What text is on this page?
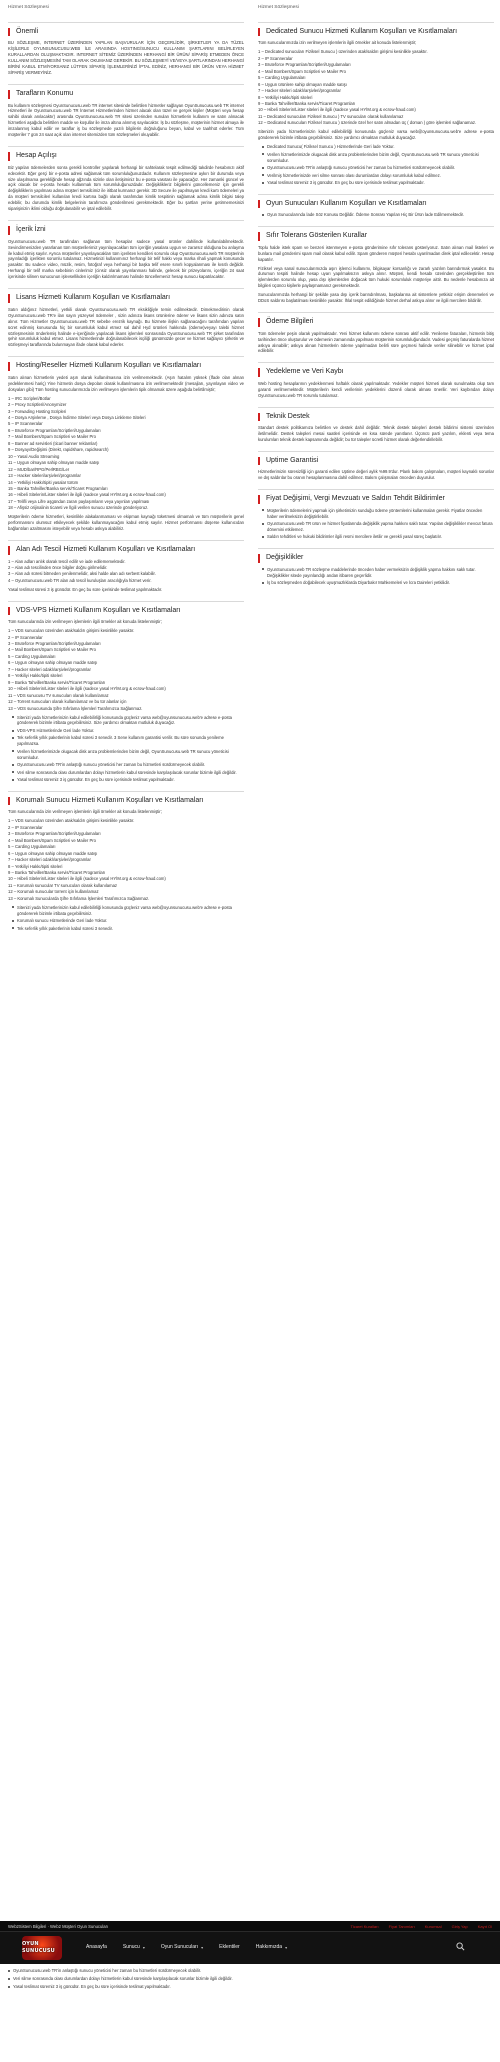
Hizmet Sözleşmesi	Hizmet Sözleşmesi
Önemli

BU SÖZLEŞME, INTERNET ÜZERİNDEN YAPILAN BAŞVURULAR İÇİN GEÇERLİDİR, ŞİRKETLER YA DA TÜZEL KİŞİLERLE OYUNSUNUCUSU.WEB İLE ARASINDA HOSTING/SUNUCU KULLANIM ŞARTLARINI BELİRLEYEN KURALLARDAN OLUŞMAKTADIR. INTERNET SİTEMİZ ÜZERİNDEN HERHANGİ BİR ÜRÜN/ SİPARİŞ ETMEDEN ÖNCE KULLANIM SÖZLEŞMESİNİ TAM OLARAK OKUMANIZ GEREKİR. BU SÖZLEŞMEYİ VE/VEYA ŞARTLARINDAN HERHANGİ BİRİNİ KABUL ETMİYORSANIZ LÜTFEN SİPARİŞ İŞLEMLERİNİZİ İPTAL EDİNİZ, HERHANGİ BİR ÜRÜN VEYA HİZMET SİPARİŞ VERMEYİNİZ.

Tarafların Konumu

Bu kullanım sözleşmesi OyunSunucusu.web TR internet sitesinde belirtilen hizmetler sağlayan OyunSunucusu.web TR internet Hizmetleri ile OyunSunucusu.web TR İnternet Hizmetlerinden hizmet alacak olan tüzel ve gerçek kişiler (Müşteri veya hesap sahibi olarak anılacaktır) arasında OyunSunucusu.web TR sitesi üzerinden sunulan hizmetlerin kullanım ve satın alınacak hizmetleri aşağıda belirtilen madde ve koşullar ile imza altına alınmış sayılacaktır. İş bu sözleşme, müşterinin hizmet almaya ile imzalanmış kabul edilir ve taraflar iş bu sözleşmede yazılı bilgilerin doğruluğunu beyan, kabul ve taahhüt ederler. Tüm müşteriler 7 gün 24 saat açık olan internet sitemizden tüm sözleşmeleri okuyabilir.

Hesap Açılışı

Biz yapılan ödemelerden sonra gerekli kontroller yapılarak herhangi bir sahtelarak tespit edilmediği takdirde hesabınızı aktif edecektir. Eğer gerçi bir e-posta adresi sağlamak tüm sorumluluğunuzdadır. Kullanım sözleşmesine aykırı bir durumda veya size ulaşılmama gerekliğinde hesap ağzında sizinle olan iletişiminiz bu e-posta vasıtası ile yapacağız. Her zamanki güncel ve açık olacak bir e-posta hesabı kullanmak tüm sorumluluğunuzdadır. Değişiklikleriz bilgilerini güncellemeniz için gerekli değişikliklerin yapılması adına müşteri temsilcimiz ile iritbat kurmanız gerekir. 3D Secure ile yapılmayan kredi kartı ödemeleri ya da müşteri temsilcileri kullanılan kredi kartına bağlı olarak tarafımdan kimlik tespitinin sağlamak adına kimlik bilgisi talep edebilir, bu durumda kimlik belgelerinin tarafımıza gönderilmesi gerekmektedir. Eğer bu şartları yerine getirmemesinizi siparişinizin iklimi olduğu doğrulanabilir ve iptal edilebilir.

İçerik İzni

OyunSunucusu.web TR tarafından sağlanan tüm hesaplar sadece yasal ürünler dahilinde kullanılabilmektedir. Sevindirmenizden yararlanan tüm müşterilerimiz yayınlayacakları tüm içeriğin yasalara uygun ve zararsız olduğuna bu anlayma ile kabul etmiş sayılır. Ayrıca müşteriler yayınlayacakları tüm içerikten kendileri sorumlu olup OyunSunucusu.web TR müşterinin yayınladığı içerikten sorumlu tutulamaz. Hizmetinizi kullanımınız herhangi bir telif hakkı veya marka rihali yapmak konusunda yasaktır. Bu sadece video, müzik, resim, fotoğraf veya herhangi bir başka telif esere sınırlı kopyalanması ile kısıtlı değildir. Herhangi bir telif marka sebebinin cinlerimiz (cinsiz olarak yayınlanması halinde, gelecek bir prizeyolarını, içeriğin 24 saat içerisinde silinen sunucunun işlevsellikden içeriğin kaldırılmaması halinde tüncellemeniz hesap sunucu kapatılacaktır.

Lisans Hizmeti Kullanım Koşulları ve Kısıtlamaları

Satın aldığınız hizmetleri, yetkili olarak OyunSunucusu.web TR eksikliğiyle temin edilmektedir. Dimekmedirinin olarak OyunSunucusu.web TR'e ilan sayın yüzeysel ödemeler , sizin adınıza lisans ürünlerine öderer ve lisans sizin adınıza satın alınır. Tüm Hizmetler OyunSunucusu.web TR sebebe erezrik kaynağı. Bu hizmete ilişkin sağlanacağını tarafımdan yapılan ücret edinmiş konusunda hiç bir sorumluluk kabul etmez sal dahil Hyd ürünleri hakkında (ödeme)veyayı talebi hizmet sözleşmesinin önderlemiş halinde e-içeriğinde yapılacak lisans işlemleri sonrasında OyunSunucusu.web TR şirket tarafından şehir sorumluluk kabul etmez. Lisans hizmetlerinde doğrulanabilecek isçiliği günümüzde gecer ve hizmet sağlayıcı şirketin ve sözleşmeyi taraflarında bulunmayan ifade olarak kabul ederler.

Hosting/Reseller Hizmeti Kullanım Koşulları ve Kısıtlamaları

Satın alınan hizmetlerin yedeti aşırı olarak kullanılmasına izin verilmemektedir. (Aşırı hatalım yüksek (İfade olan alınan yedeklenmesi hariç) Yine hizmetin dosya depoları olarak kullanılmasına izin verilmemektedir (mesajları, yayınlayan video ve dosyaları gibi) Tüm hosting sunucularımızda izin verilmeyen işlemlerin tipik olmamak üzere aşağıda belirtilmiştir;

1 – IRC Scripleri/Botlar
2 – Proxy Scriptleri/Anonymizer
3 – Forwading Hosting Scripleri
4 – Dosya Arşivleme , Dosya İndirme Siteleri veya Dosya Linkleme Siteleri
5 – IP Scanneralar
6 – Bruteforce Programları/Scriptleri/Uygulamaları
7 – Mail Bombers/Spam Scriptleri ve Mailer Pro
8 – Banner ad servisleri (ticari banner reklamlar)
9 – Dosyayı/Değişimi (Direkt, rapidshare, rapidsearch)
10 – Yasal Audio Streaming
11 – Uygun olmayan sahip olmayan madde satışı
12 – MUD/bar/RPG/PerlRBG/Ler
13 – Hacker siteleri/arşivleri/programlar
14 – Yetkiliyi Hakkı/tipiti yasalar türüm
15 – Banka Tahviller/Banka servis/Ticaret Programları
16 – Hibeli Sitelerin/Lister siteleri ile ilgili (sadece yasal HYİM.org & ecrow-fraud.com)
17 – Telifli veya Lifre aşgündan zararı paylaşımların veya yayınları yapılması
18 – Afişsiz orijinalinin ticareti ve İlgili verilen sunucu üzerinde gönderiyoruz.

Müşterilerin ödeme hizmetleri, kesinlikle alakalanmaması ve ekipman kaynağı tüketmesi olmamalı ve tüm müşterilerin genel performansını olumsuz etkileyecek şekilde kullanmayacağını kabul etmiş sayılır. Hizmet performansı düşerse kullanıcıdan bağlantıları azaltmasını isteyebilir veya hesabı askıya alabiliriz.

Alan Adı Tescil Hizmeti Kullanım Koşulları ve Kısıtlamaları
1 – Alan adları anlık olarak tescil edilir ve iade edilememektedir.
2 – Alan adı tescilinden önce bilgiler doğru girilmelidir.
3 – Alan adı süresi bitmeden yenilenmelidir, aksi halde alan adı serbest kalabilir.
4 – OyunSunucusu.web TR alan adı tescil kuruluşları aracılığıyla hizmet verir.

Yasal teslimat süresi 3 iş günüdür. En geç bu süre içerisinde teslimat yapılmaktadır.

VDS-VPS Hizmeti Kullanım Koşulları ve Kısıtlamaları

Tüm sunucularında izin verilmeyen işlemlerin ilgili örnekler ait konuda listelenmiştir;

1 – VDS sunucuları üzerinden atak/saldırı girişimi kesinlikle yasaktır.
2 – IP Scanneralar
3 – Bruteforce Programları/Scriptleri/Uygulamaları
4 – Mail Bombers/Spam Scriptleri ve Mailer Pro
5 – Carding Uygulamaları
6 – Uygun olmayan sahip olmayan madde satışı
7 – Hacker siteleri odaklı/arşivleri/programlar
8 – Yetkiliyi Hakkı/tipiti siteleri
9 – Banka Tahviller/Banka servis/Ticaret Programları
10 – Hibeli Sitelerin/Lister siteleri ile ilgili (sadece yasal HYİM.org & ecrow-fraud.com)
11 – VDS sunucusu TV sunucuları olarak kullanılamaz
12 – Torrent sunucuları olarak kullanılamaz ve bu tür alanlar için
13 – VDS sunucusunda Şifre Sıfırlama İşlemleri Tarafımızca Sağlanmaz.
Sitenizi yada hizmetlerinizin kabul edilebilirliği konusunda güçleniz varsa web@oyunsunucusu.web'e adrese e-posta göndererek bizimle irtibata geçebilirsiniz. Size yardımcı olmaktan mutluluk duyacağız.
VDS-VPS Hizmetlerinde Geri İade Yoktur.
Tek seferlik yıllık paketlerinin kabul süresi 3 senedir. 3 Sene kullanım garantisi verilir. Bu süre sonunda yenileme yapılmazsa.
Verilen hizmetlerimizde olugacak disk arıza problemlerinden bizim değil, OyunSunucusu.web TR sunucu yöneticisi sorumludur.
OyunSunucusu.web TR'in anlaştığı sunucu yöneticisi her zaman bu hizmetleri sürdürmeyecek olabilir.
Veri silme sonrasında olası durumlardan dolayı hizmetlerin kabul süresinde karşılaşılacak sorunlar bizimle ilgili değildir.
Yasal teslimat süremiz 3 iş günüdür. En geç bu süre içerisinde teslimat yapılmaktadır.
Korumalı Sunucu Hizmeti Kullanım Koşulları ve Kısıtlamaları

Tüm sunucularında izin verilmeyen işlemlerin ilgili örnekler ait konuda listelenmiştir;

1 – VDS sunucuları üzerinden atak/saldırı girişimi kesinlikle yasaktır.
2 – IP Scanneralar
3 – Bruteforce Programları/Scriptleri/Uygulamaları
4 – Mail Bombers/Spam Scriptleri ve Mailer Pro
5 – Carding Uygulamaları
6 – Uygun olmayan sahip olmayan madde satışı
7 – Hacker siteleri odaklı/arşivleri/programlar
8 – Yetkiliyi Hakkı/tipiti siteleri
9 – Banka Tahviller/Banka servis/Ticaret Programları
10 – Hibeli Sitelerin/Lister siteleri ile ilgili (sadece yasal HYİM.org & ecrow-fraud.com)
11 – Korumalı sunucular TV sunucuları olarak kullanılamaz
12 – Korumalı sunucular torrent için kullanılamaz
13 – Korumalı Sunucularda Şifre Sıfırlama İşlemleri Tarafımızca Sağlanmaz.
Sitenizi yada hizmetlerinizin kabul edilebilirliği konusunda güçleniz varsa web@oyunsunucusu.web'e adrese e-posta göndererek bizimle irtibata geçebilirsiniz.
Korumalı sunucu Hizmetlerinde Geri İade Yoktur.
Tek seferlik yıllık paketlerinin kabul süresi 3 senedir.
Dedicated Sunucu Hizmeti Kullanım Koşulları ve Kısıtlamaları

Tüm sunucularımızda izin verilmeyen işlemlerin ilgili örnekler ait konuda listelenmiştir;

1 – Dedicated sunucuları Fiziksel Sunucu ) üzerinden atak/saldırı girişimi kesinlikle yasaktır.
2 – IP Scanneralar
3 – Bruteforce Programları/Scriptleri/Uygulamaları
4 – Mail Bombers/Spam Scriptleri ve Mailer Pro
5 – Carding Uygulamaları
6 – Uygun ürünlere sahip olmayan madde satışı
7 – Hacker siteleri odaklı/arşivleri/programlar
8 – Yetkiliyi Hakkı/tipiti siteleri
9 – Banka Tahviller/Banka servis/Ticaret Programları
10 – Hibeli Sitelerin/Lister siteleri ile ilgili (sadece yasal HYİM.org & ecrow-fraud.com)
11 – Dedicated sunucuları Fiziksel Sunucu ) TV sunucuları olarak kullanılamaz
12 – Dedicated sunucuları Fiziksel Sunucu ) üzerinde özel her satın almadan üç ( doman ) göre işlemleri sağlanamaz.

Sitenizin yada hizmetlerinizin kabul edilebilirliği konusunda güçleniz varsa web@oyunsunucusu.web'e adrese e-posta göndererek bizimle irtibata geçebilirsiniz. Size yardımcı olmaktan mutluluk duyacağız.

Dedicated Sunucu( Fiziksel Sunucu ) Hizmetlerinde Geri İade Yoktur.
Verilen hizmetlerimizde olugacak disk arıza problemlerinden bizim değil, OyunSunucusu.web TR sunucu yöneticisi sorumludur.
OyunSunucusu.web TR'in anlaştığı sunucu yöneticisi her zaman bu hizmetleri sürdürmeyecek olabilir.
Verilmiş hizmetlerinizde veri silme sonrası olası durumlardan dolayı sorumluluk kabul edilmez.
Yasal teslimat süremiz 3 iş günüdür. En geç bu süre içerisinde teslimat yapılmaktadır.
Oyun Sunucuları Kullanım Koşulları ve Kısıtlamaları
Oyun Sunucularında İade Söz Konusu Değildir. Ödeme Sonrası Yapılan Hiç Bir Ürün İade Edilmemektedir.
Sıfır Tolerans Gösterilen Kurallar

Toplu halde istek spam ve benzeri istenmeyen e-posta gönderimine sıfır tolerans gösteriyoruz. Satın alınan mail listeleri ve bunlara mail gönderimi spam mail olarak kabul edilir. Spam gönderen müşteri hesabı uyarılmadan direk iptal edilecektir. Hesap kapatılır.

Fiziksel veya sanal sunucularımızda aşırı işlemci kullanımı, bilgisayar korsanlığı ve zararlı yazılım barındırmak yasaktır. Bu durumun tespiti halinde hesap uyarı yapılmaksızın askıya alınır. Müşteri, kendi hesabı üzerinden gerçekleştirilen tüm işlemlerden sorumlu olup, yasa dışı işlemlerden doğacak tüm hukuki sorumluluk müşteriye aittir. Bu nedenle hesabınıza ait bilgileri üçüncü kişilerle paylaşmamanız gerekmektedir.

Sunucularımızda herhangi bir şekilde yasa dışı içerik barındırılması, başkalarına ait sistemlere yetkisiz erişim denemeleri ve DDoS saldırısı başlatılması kesinlikle yasaktır. İhlal tespit edildiğinde hizmet derhal askıya alınır ve ilgili mercilere bildirilir.

Ödeme Bilgileri

Tüm ödemeler peşin olarak yapılmaktadır. Yeni hizmet kullanımı ödeme sonrası aktif edilir. Yenileme faturaları, hizmetin bitiş tarihinden önce oluşturulur ve ödemenin zamanında yapılması müşterinin sorumluluğundadır. Vadesi geçmiş faturalarda hizmet askıya alınabilir; askıya alınan hizmetlerin ödeme yapılmadan belirli süre geçmesi halinde veriler silinebilir ve hizmet iptal edilebilir.

Yedekleme ve Veri Kaybı

Web hosting hesaplarının yedeklenmesi haftalık olarak yapılmaktadır. Yedekler müşteri hizmeti olarak sunulmakta olup tam garanti verilmemektedir. Müşterilerin kendi verilerinin yedeklerini düzenli olarak alması önerilir. Veri kaybından dolayı OyunSunucusu.web TR sorumlu tutulamaz.

Teknik Destek

Standart destek politikamıza belirtilen ve destek dahil değildir. Teknik destek talepleri destek bildirimi sistemi üzerinden iletilmelidir. Destek talepleri mesai saatleri içerisinde en kısa sürede yanıtlanır. Üçüncü parti yazılım, eklenti veya tema kurulumları teknik destek kapsamında değildir; bu tür talepler ücretli hizmet olarak değerlendirilebilir.

Uptime Garantisi

Hizmetlerimizin süresizliği için garanti edilen Uptime değeri aylık %99.9'dur. Planlı bakım çalışmaları, müşteri kaynaklı sorunlar ve dış saldırılar bu oranın hesaplanmasına dahil edilmez. Bakım çalışmaları önceden duyurulur.

Fiyat Değişimi, Vergi Mevzuatı ve Saldırı Tehdit Bildirimler
Müşterilerin ödemelerini yapmak için şirketimizin sunduğu ödeme yöntemlerini kullanmaları gerekir. Fiyatlar önceden haber verilmeksizin değiştirilebilir.
OyunSunucusu.web TR ürün ve hizmet fiyatlarında değişiklik yapma hakkını saklı tutar. Yapılan değişiklikler mevcut fatura dönemini etkilemez.
Saldırı tehditleri ve hukuki bildirimler ilgili resmi mercilere iletilir ve gerekli yasal süreç başlatılır.
Değişiklikler
OyunSunucusu.web TR sözleşme maddelerinde önceden haber vermeksizin değişiklik yapma hakkını saklı tutar. Değişiklikler sitede yayınlandığı andan itibaren geçerlidir.
İş bu sözleşmeden doğabilecek uyuşmazlıklarda Diyarbakır Mahkemeleri ve İcra Daireleri yetkilidir.
Web2Sistem Bilgileri · Web2 Müşteri Oyun Sunucuları	Ticaret Kuralları	Fiyat Tanımları	Kurumsal	Giriş Yap	Kayıt Ol
OYUN SUNUCUSU
Anasayfa	Sunucu ▾	Oyun Sunucuları ▾	Eklentiler	Hakkımızda ▾
OyunSunucusu.web TR'in anlaştığı sunucu yöneticisi her zaman bu hizmetleri sürdürmeyecek olabilir.
Veri silme sonrasında olası durumlardan dolayı hizmetlerin kabul süresinde karşılaşılacak sorunlar bizimle ilgili değildir.
Yasal teslimat süremiz 3 iş günüdür. En geç bu süre içerisinde teslimat yapılmaktadır.
